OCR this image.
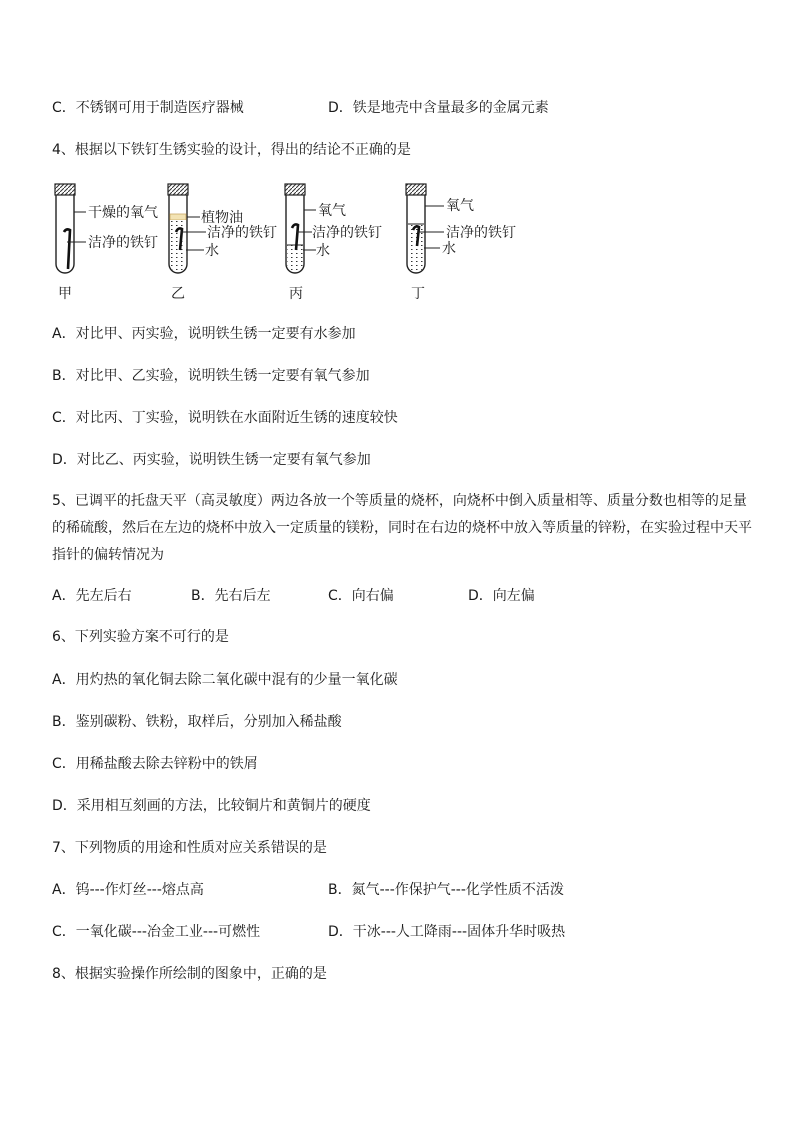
C．不锈钢可用于制造医疗器械	D．铁是地壳中含量最多的金属元素
4、根据以下铁钉生锈实验的设计，得出的结论不正确的是
干燥的氧气
洁净的铁钉
甲
植物油
洁净的铁钉
水
乙
氧气
洁净的铁钉
水
丙
氧气
洁净的铁钉
水
丁
A．对比甲、丙实验，说明铁生锈一定要有水参加
B．对比甲、乙实验，说明铁生锈一定要有氧气参加
C．对比丙、丁实验，说明铁在水面附近生锈的速度较快
D．对比乙、丙实验，说明铁生锈一定要有氧气参加
5、已调平的托盘天平（高灵敏度）两边各放一个等质量的烧杯，向烧杯中倒入质量相等、质量分数也相等的足量的稀硫酸，然后在左边的烧杯中放入一定质量的镁粉，同时在右边的烧杯中放入等质量的锌粉，在实验过程中天平指针的偏转情况为
A．先左后右	B．先右后左	C．向右偏	D．向左偏
6、下列实验方案不可行的是
A．用灼热的氧化铜去除二氧化碳中混有的少量一氧化碳
B．鉴别碳粉、铁粉，取样后，分别加入稀盐酸
C．用稀盐酸去除去锌粉中的铁屑
D．采用相互刻画的方法，比较铜片和黄铜片的硬度
7、下列物质的用途和性质对应关系错误的是
A．钨---作灯丝---熔点高	B．氮气---作保护气---化学性质不活泼
C．一氧化碳---冶金工业---可燃性	D．干冰---人工降雨---固体升华时吸热
8、根据实验操作所绘制的图象中，正确的是
